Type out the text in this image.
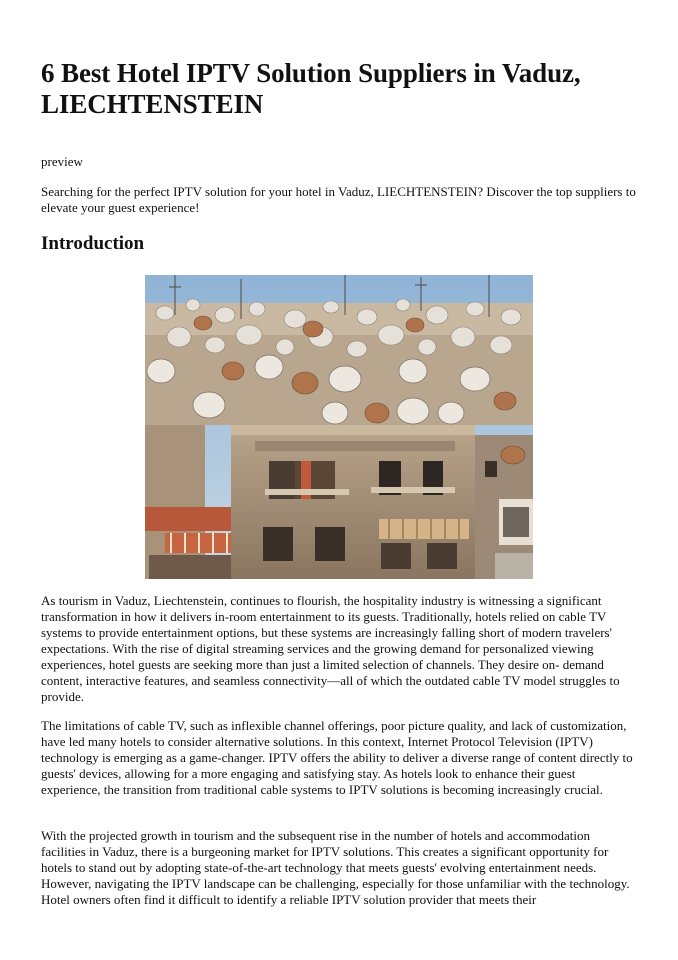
6 Best Hotel IPTV Solution Suppliers in Vaduz, LIECHTENSTEIN

preview

Searching for the perfect IPTV solution for your hotel in Vaduz, LIECHTENSTEIN? Discover the top suppliers to elevate your guest experience!

Introduction

As tourism in Vaduz, Liechtenstein, continues to flourish, the hospitality industry is witnessing a significant transformation in how it delivers in-room entertainment to its guests. Traditionally, hotels relied on cable TV systems to provide entertainment options, but these systems are increasingly falling short of modern travelers' expectations. With the rise of digital streaming services and the growing demand for personalized viewing experiences, hotel guests are seeking more than just a limited selection of channels. They desire on- demand content, interactive features, and seamless connectivity—all of which the outdated cable TV model struggles to provide.

The limitations of cable TV, such as inflexible channel offerings, poor picture quality, and lack of customization, have led many hotels to consider alternative solutions. In this context, Internet Protocol Television (IPTV) technology is emerging as a game-changer. IPTV offers the ability to deliver a diverse range of content directly to guests' devices, allowing for a more engaging and satisfying stay. As hotels look to enhance their guest experience, the transition from traditional cable systems to IPTV solutions is becoming increasingly crucial.

With the projected growth in tourism and the subsequent rise in the number of hotels and accommodation facilities in Vaduz, there is a burgeoning market for IPTV solutions. This creates a significant opportunity for hotels to stand out by adopting state-of-the-art technology that meets guests' evolving entertainment needs. However, navigating the IPTV landscape can be challenging, especially for those unfamiliar with the technology. Hotel owners often find it difficult to identify a reliable IPTV solution provider that meets their
